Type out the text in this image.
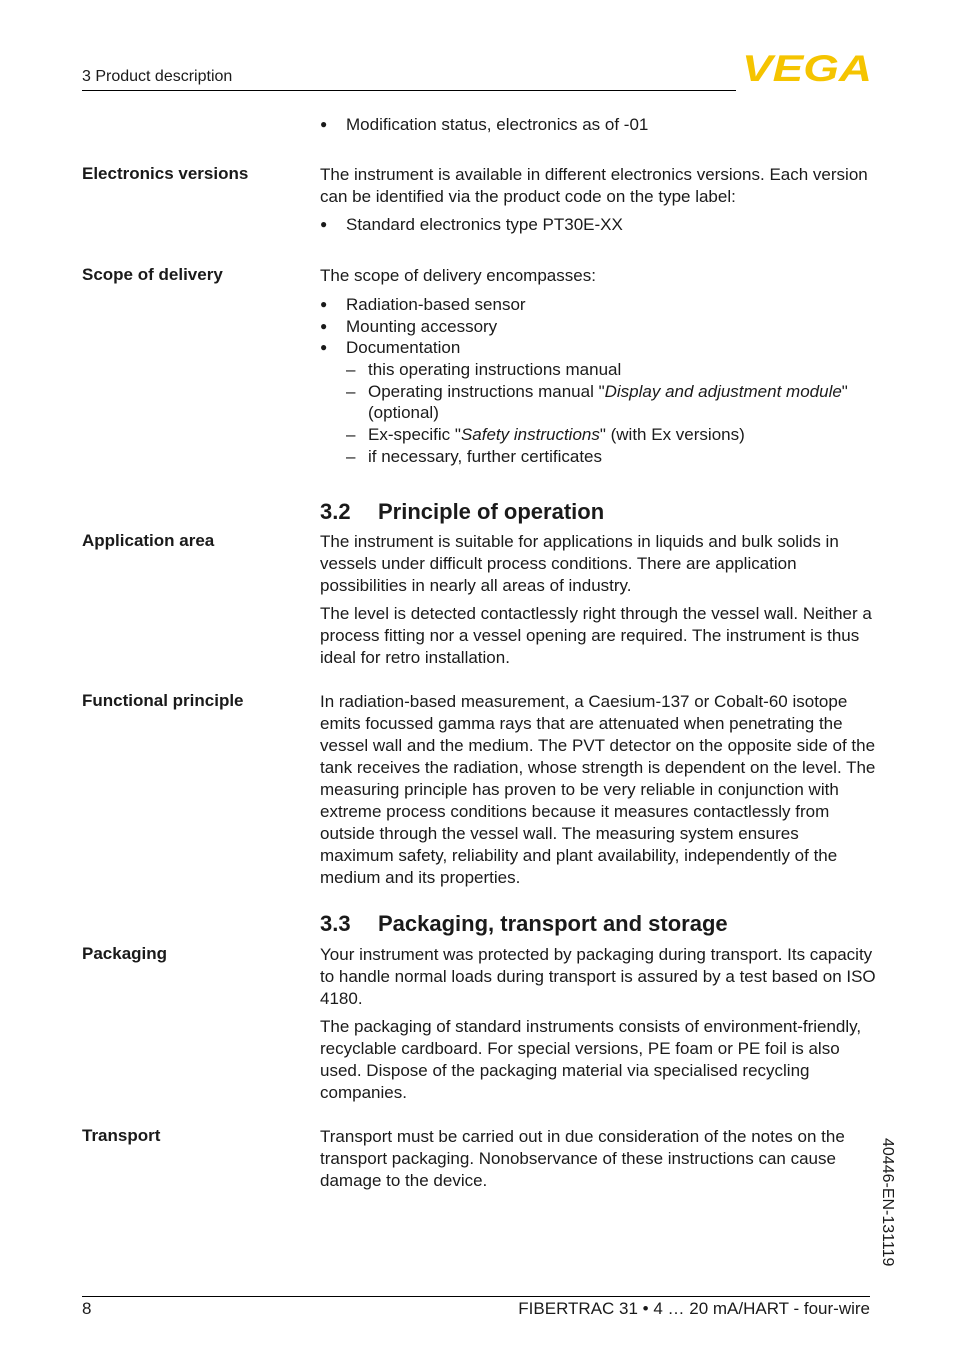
3 Product description	VEGA
● Modification status, electronics as of -01
Electronics versions	The instrument is available in different electronics versions. Each version can be identified via the product code on the type label:
● Standard electronics type PT30E-XX
Scope of delivery	The scope of delivery encompasses:
● Radiation-based sensor
● Mounting accessory
● Documentation
– this operating instructions manual
– Operating instructions manual "Display and adjustment module" (optional)
– Ex-specific "Safety instructions" (with Ex versions)
– if necessary, further certificates
3.2 Principle of operation
Application area	The instrument is suitable for applications in liquids and bulk solids in vessels under difficult process conditions. There are application possibilities in nearly all areas of industry.
The level is detected contactlessly right through the vessel wall. Neither a process fitting nor a vessel opening are required. The instrument is thus ideal for retro installation.
Functional principle	In radiation-based measurement, a Caesium-137 or Cobalt-60 isotope emits focussed gamma rays that are attenuated when penetrating the vessel wall and the medium. The PVT detector on the opposite side of the tank receives the radiation, whose strength is dependent on the level. The measuring principle has proven to be very reliable in conjunction with extreme process conditions because it measures contactlessly from outside through the vessel wall. The measuring system ensures maximum safety, reliability and plant availability, independently of the medium and its properties.
3.3 Packaging, transport and storage
Packaging	Your instrument was protected by packaging during transport. Its capacity to handle normal loads during transport is assured by a test based on ISO 4180.
The packaging of standard instruments consists of environment-friendly, recyclable cardboard. For special versions, PE foam or PE foil is also used. Dispose of the packaging material via specialised recycling companies.
Transport	Transport must be carried out in due consideration of the notes on the transport packaging. Nonobservance of these instructions can cause damage to the device.	40446-EN-131119
8	FIBERTRAC 31 • 4 … 20 mA/HART - four-wire
